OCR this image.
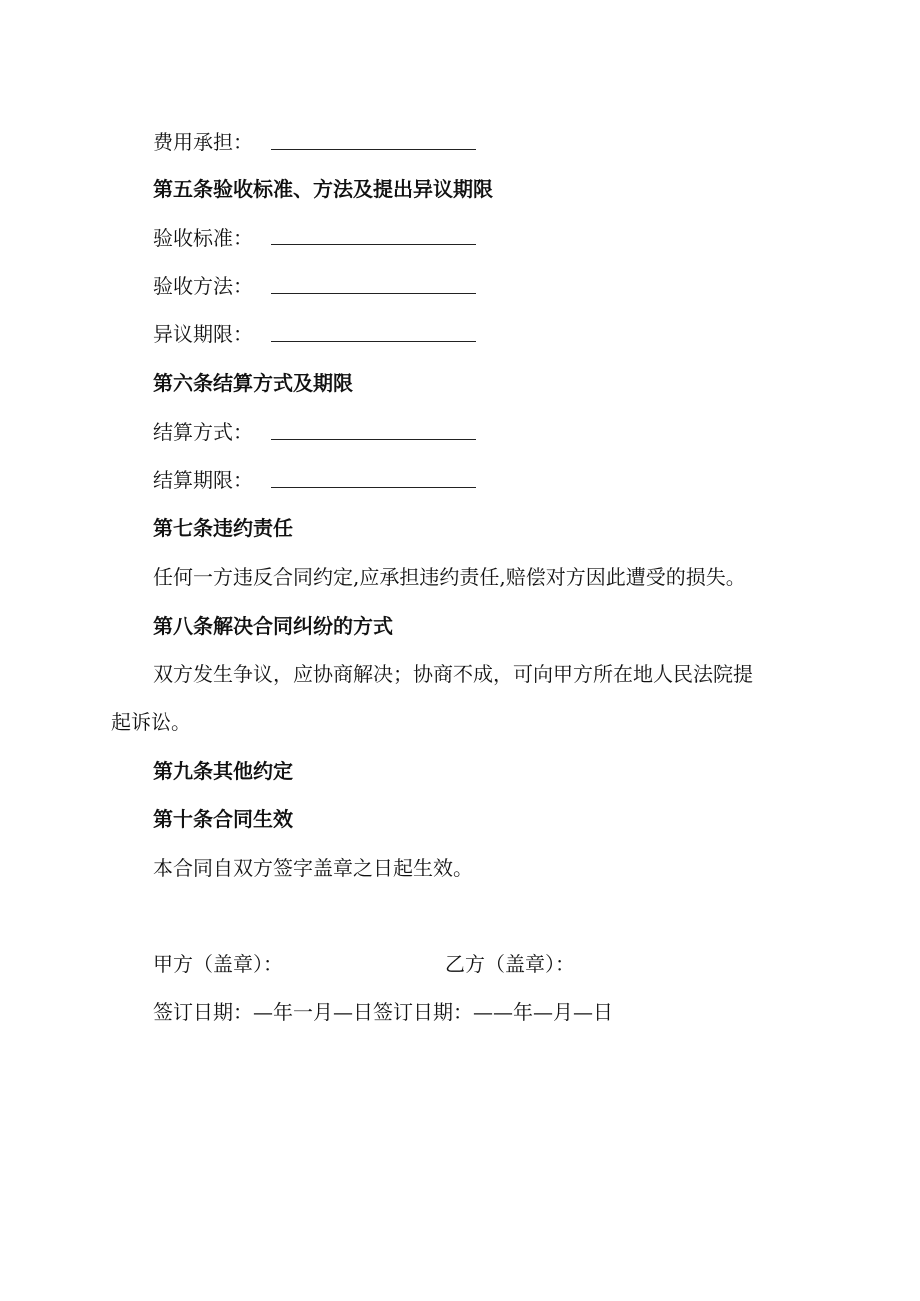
费用承担：
第五条验收标准、方法及提出异议期限
验收标准：
验收方法：
异议期限：
第六条结算方式及期限
结算方式：
结算期限：
第七条违约责任
任何一方违反合同约定,应承担违约责任,赔偿对方因此遭受的损失。
第八条解决合同纠纷的方式
双方发生争议，应协商解决；协商不成，可向甲方所在地人民法院提
起诉讼。
第九条其他约定
第十条合同生效
本合同自双方签字盖章之日起生效。
甲方（盖章）：	乙方（盖章）：
签订日期：—年一月—日签订日期：——年—月—日
